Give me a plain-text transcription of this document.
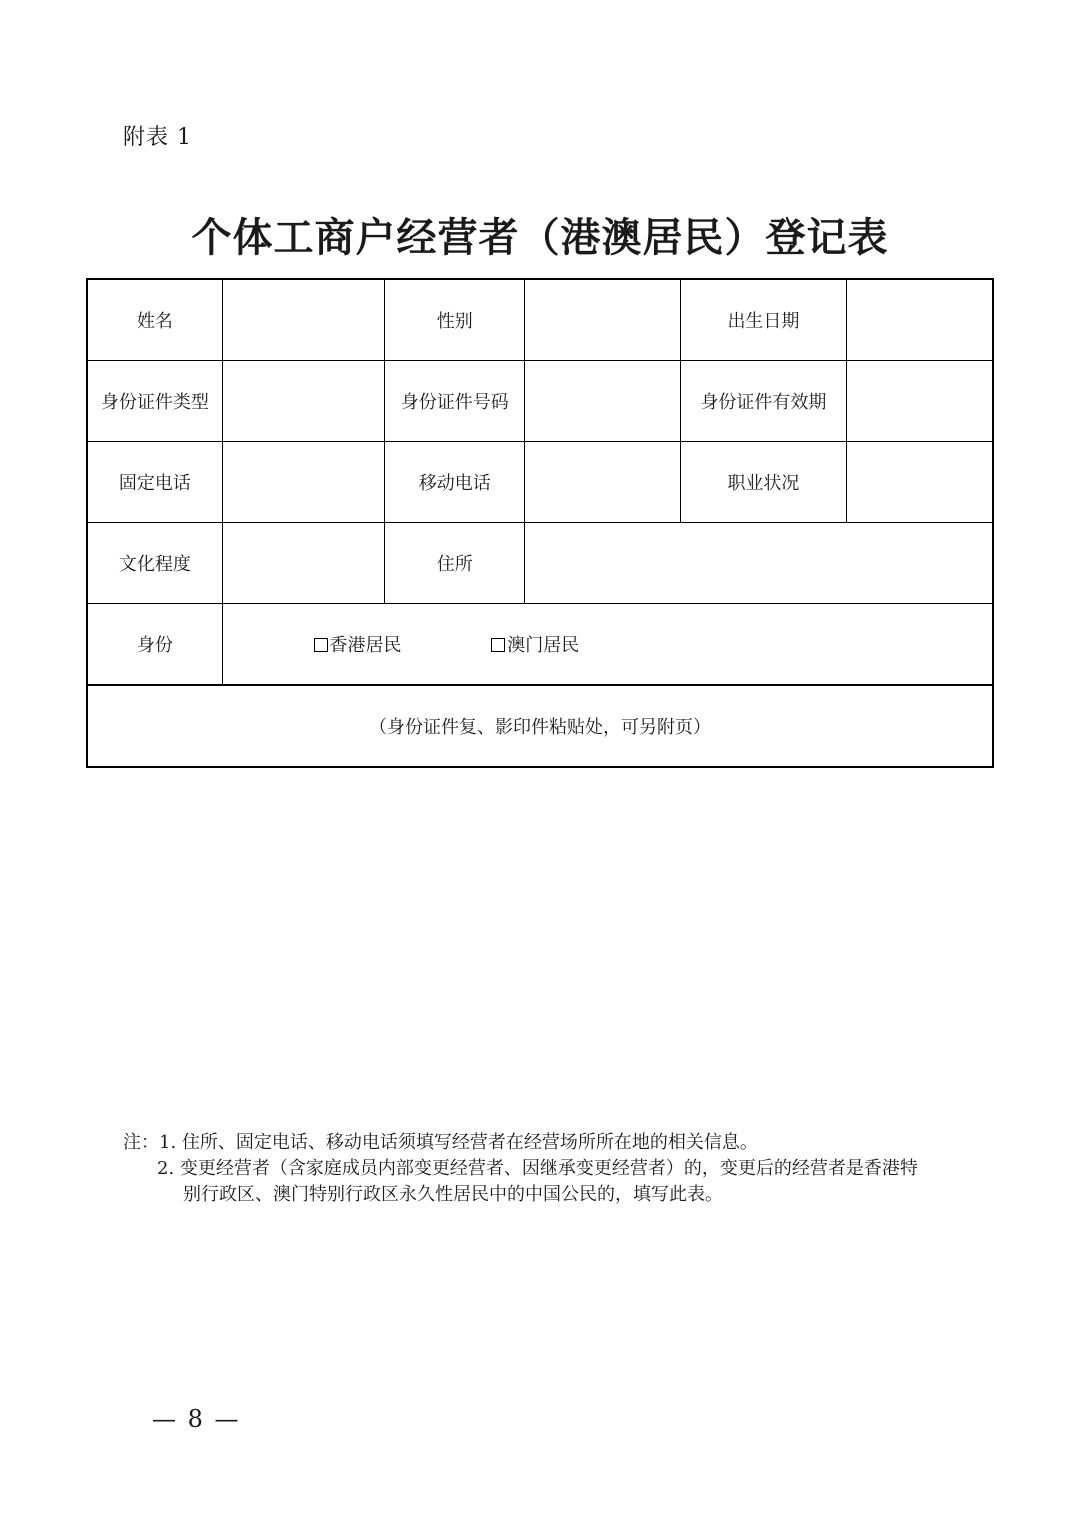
附表 1
个体工商户经营者（港澳居民）登记表
姓名		性别		出生日期	
身份证件类型		身份证件号码		身份证件有效期	
固定电话		移动电话		职业状况	
文化程度		住所			
身份	香港居民 澳门居民				
（身份证件复、影印件粘贴处，可另附页）					
注：1. 住所、固定电话、移动电话须填写经营者在经营场所所在地的相关信息。
2. 变更经营者（含家庭成员内部变更经营者、因继承变更经营者）的，变更后的经营者是香港特
别行政区、澳门特别行政区永久性居民中的中国公民的，填写此表。
— 8 —
